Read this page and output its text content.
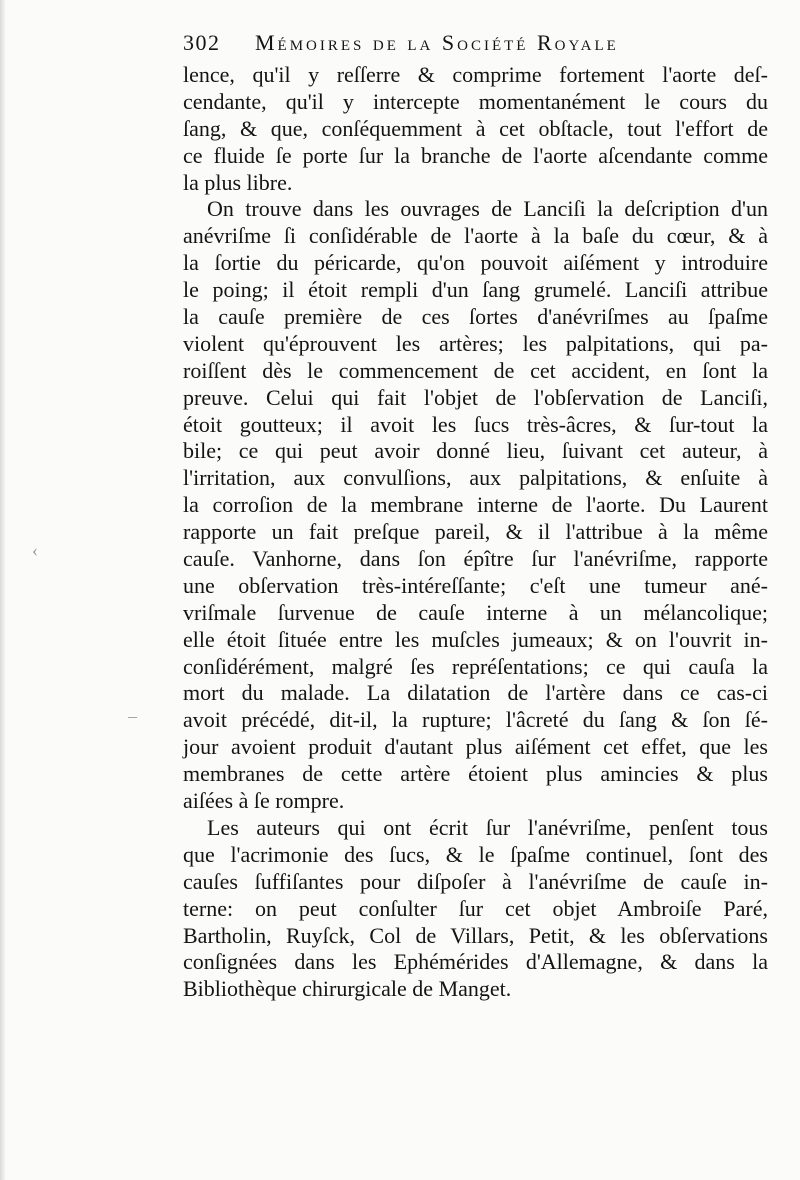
302 Mémoires de la Société Royale
lence, qu'il y reſſerre & comprime fortement l'aorte deſ-
cendante, qu'il y intercepte momentanément le cours du
ſang, & que, conſéquemment à cet obſtacle, tout l'effort de
ce fluide ſe porte ſur la branche de l'aorte aſcendante comme
la plus libre.
On trouve dans les ouvrages de Lanciſi la deſcription d'un
anévriſme ſi conſidérable de l'aorte à la baſe du cœur, & à
la ſortie du péricarde, qu'on pouvoit aiſément y introduire
le poing; il étoit rempli d'un ſang grumelé. Lanciſi attribue
la cauſe première de ces ſortes d'anévriſmes au ſpaſme
violent qu'éprouvent les artères; les palpitations, qui pa-
roiſſent dès le commencement de cet accident, en ſont la
preuve. Celui qui fait l'objet de l'obſervation de Lanciſi,
étoit goutteux; il avoit les ſucs très-âcres, & ſur-tout la
bile; ce qui peut avoir donné lieu, ſuivant cet auteur, à
l'irritation, aux convulſions, aux palpitations, & enſuite à
la corroſion de la membrane interne de l'aorte. Du Laurent
rapporte un fait preſque pareil, & il l'attribue à la même
cauſe. Vanhorne, dans ſon épître ſur l'anévriſme, rapporte
une obſervation très-intéreſſante; c'eſt une tumeur ané-
vriſmale ſurvenue de cauſe interne à un mélancolique;
elle étoit ſituée entre les muſcles jumeaux; & on l'ouvrit in-
conſidérément, malgré ſes repréſentations; ce qui cauſa la
mort du malade. La dilatation de l'artère dans ce cas-ci
avoit précédé, dit-il, la rupture; l'âcreté du ſang & ſon ſé-
jour avoient produit d'autant plus aiſément cet effet, que les
membranes de cette artère étoient plus amincies & plus
aiſées à ſe rompre.
Les auteurs qui ont écrit ſur l'anévriſme, penſent tous
que l'acrimonie des ſucs, & le ſpaſme continuel, ſont des
cauſes ſuffiſantes pour diſpoſer à l'anévriſme de cauſe in-
terne: on peut conſulter ſur cet objet Ambroiſe Paré,
Bartholin, Ruyſck, Col de Villars, Petit, & les obſervations
conſignées dans les Ephémérides d'Allemagne, & dans la
Bibliothèque chirurgicale de Manget.
‹
–
